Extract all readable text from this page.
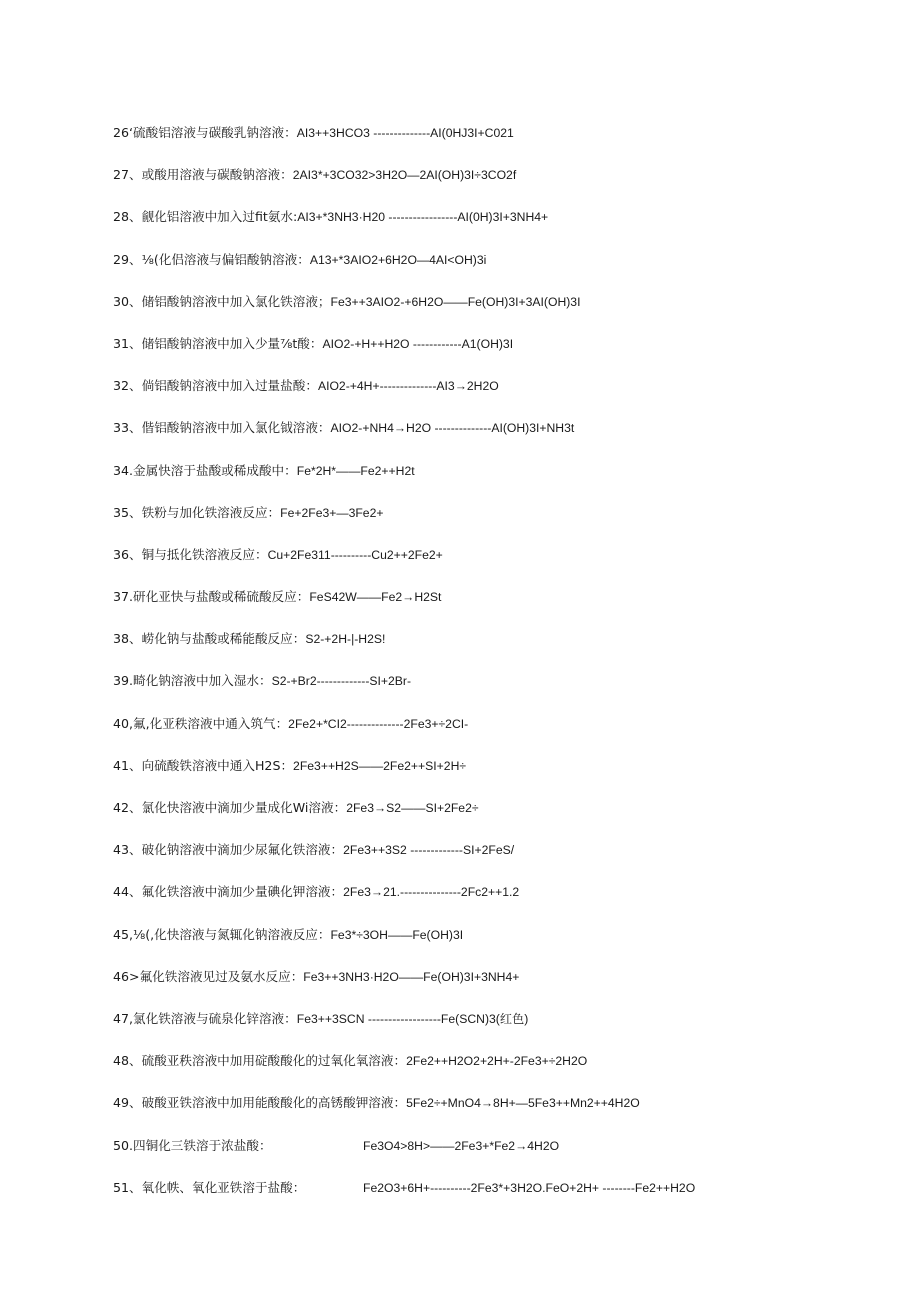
26‘硫酸铝溶液与碳酸乳钠溶液：AI3++3HCO3 --------------AI(0HJ3I+C021
27、或酸用溶液与碳酸钠溶液：2AI3*+3CO32>3H2O—2AI(OH)3I÷3CO2f
28、觎化铝溶液中加入过fit氨水:AI3+*3NH3·H20 -----------------AI(0H)3I+3NH4+
29、⅛(化侣溶液与偏铝酸钠溶液：A13+*3AIO2+6H2O—4AI<OH)3i
30、储铝酸钠溶液中加入氯化铁溶液；Fe3++3AIO2-+6H2O——Fe(OH)3I+3AI(OH)3I
31、储铝酸钠溶液中加入少量⅞t酸：AIO2-+H++H2O ------------A1(OH)3I
32、倘铝酸钠溶液中加入过量盐酸：AIO2-+4H+--------------AI3→2H2O
33、偕铝酸钠溶液中加入氯化钺溶液：AIO2-+NH4→H2O --------------AI(OH)3I+NH3t
34.金属快溶于盐酸或稀成酸中：Fe*2H*——Fe2++H2t
35、铁粉与加化铁溶液反应：Fe+2Fe3+—3Fe2+
36、铜与抵化铁溶液反应：Cu+2Fe311----------Cu2++2Fe2+
37.研化亚快与盐酸或稀硫酸反应：FeS42W——Fe2→H2St
38、崂化钠与盐酸或稀能酸反应：S2-+2H-|-H2S!
39.畸化钠溶液中加入湿水：S2-+Br2-------------SI+2Br-
40,氟,化亚秩溶液中通入筑气：2Fe2+*CI2--------------2Fe3+÷2CI-
41、向硫酸铁溶液中通入H2S：2Fe3++H2S——2Fe2++SI+2H÷
42、氯化快溶液中滴加少量成化Wi溶液：2Fe3→S2——SI+2Fe2÷
43、破化钠溶液中滴加少尿氟化铁溶液：2Fe3++3S2 -------------SI+2FeS/
44、氟化铁溶液中滴加少量碘化钾溶液：2Fe3→21.---------------2Fc2++1.2
45,⅛(,化快溶液与氮辄化钠溶液反应：Fe3*÷3OH——Fe(OH)3I
46>氟化铁溶液见过及氨水反应：Fe3++3NH3·H2O——Fe(OH)3I+3NH4+
47,氯化铁溶液与硫泉化锌溶液：Fe3++3SCN ------------------Fe(SCN)3(红色)
48、硫酸亚秩溶液中加用碇酸酸化的过氧化氧溶液：2Fe2++H2O2+2H+-2Fe3+÷2H2O
49、破酸亚铁溶液中加用能酸酸化的高锈酸钾溶液：5Fe2÷+MnO4→8H+—5Fe3++Mn2++4H2O
50.四铜化三铁溶于浓盐酸：	Fe3O4>8H>——2Fe3+*Fe2→4H2O
51、氧化帙、氧化亚铁溶于盐酸：	Fe2O3+6H+----------2Fe3*+3H2O.FeO+2H+ --------Fe2++H2O
